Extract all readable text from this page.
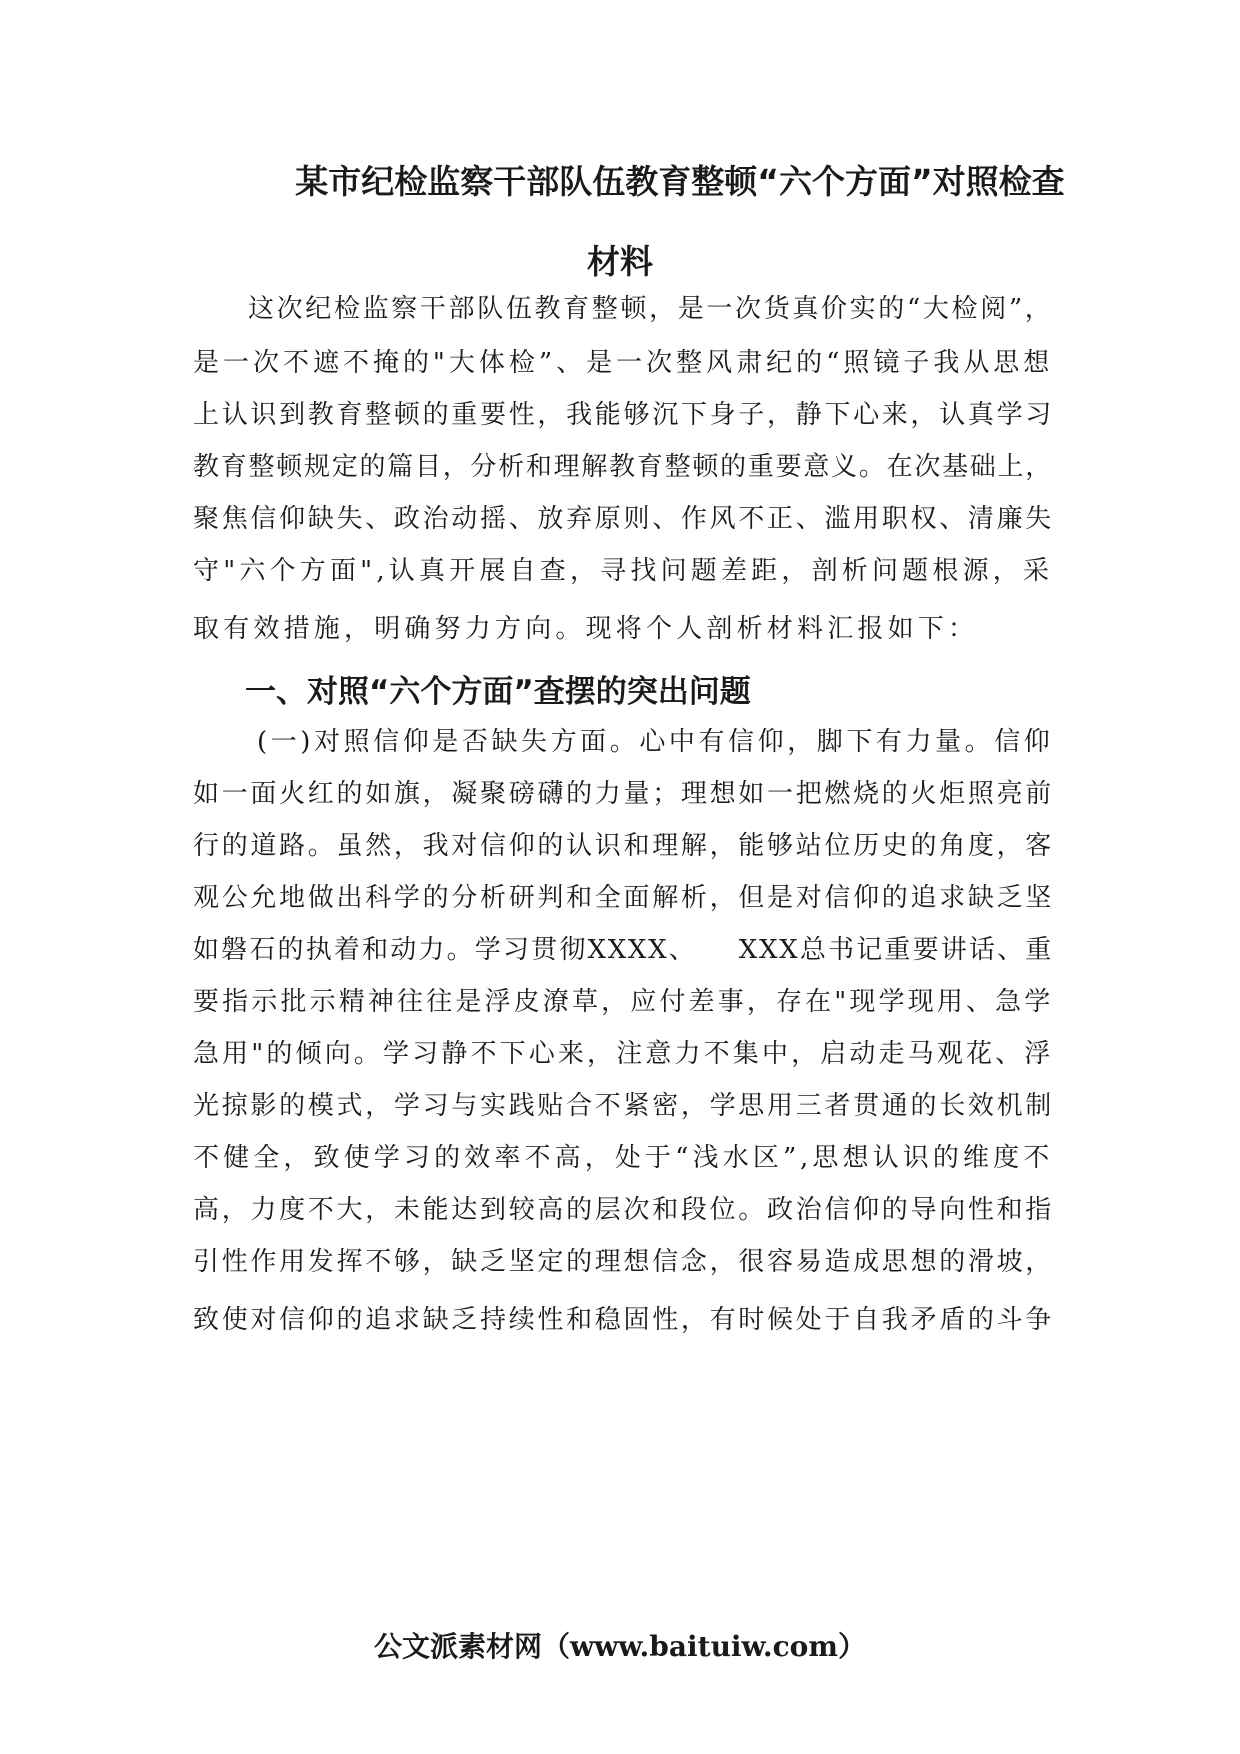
某市纪检监察干部队伍教育整顿“六个方面”对照检查
材料
这次纪检监察干部队伍教育整顿，是一次货真价实的“大检阅”，
是一次不遮不掩的"大体检”、是一次整风肃纪的“照镜子我从思想
上认识到教育整顿的重要性，我能够沉下身子，静下心来，认真学习
教育整顿规定的篇目，分析和理解教育整顿的重要意义。在次基础上，
聚焦信仰缺失、政治动摇、放弃原则、作风不正、滥用职权、清廉失
守"六个方面",认真开展自查，寻找问题差距，剖析问题根源，采
取有效措施，明确努力方向。现将个人剖析材料汇报如下：
一、对照“六个方面”查摆的突出问题
(一)对照信仰是否缺失方面。心中有信仰，脚下有力量。信仰
如一面火红的如旗，凝聚磅礴的力量；理想如一把燃烧的火炬照亮前
行的道路。虽然，我对信仰的认识和理解，能够站位历史的角度，客
观公允地做出科学的分析研判和全面解析，但是对信仰的追求缺乏坚
如磐石的执着和动力。学习贯彻XXXX、    XXX总书记重要讲话、重
要指示批示精神往往是浮皮潦草，应付差事，存在"现学现用、急学
急用"的倾向。学习静不下心来，注意力不集中，启动走马观花、浮
光掠影的模式，学习与实践贴合不紧密，学思用三者贯通的长效机制
不健全，致使学习的效率不高，处于“浅水区”,思想认识的维度不
高，力度不大，未能达到较高的层次和段位。政治信仰的导向性和指
引性作用发挥不够，缺乏坚定的理想信念，很容易造成思想的滑坡，
致使对信仰的追求缺乏持续性和稳固性，有时候处于自我矛盾的斗争
公文派素材网（www.baituiw.com）
